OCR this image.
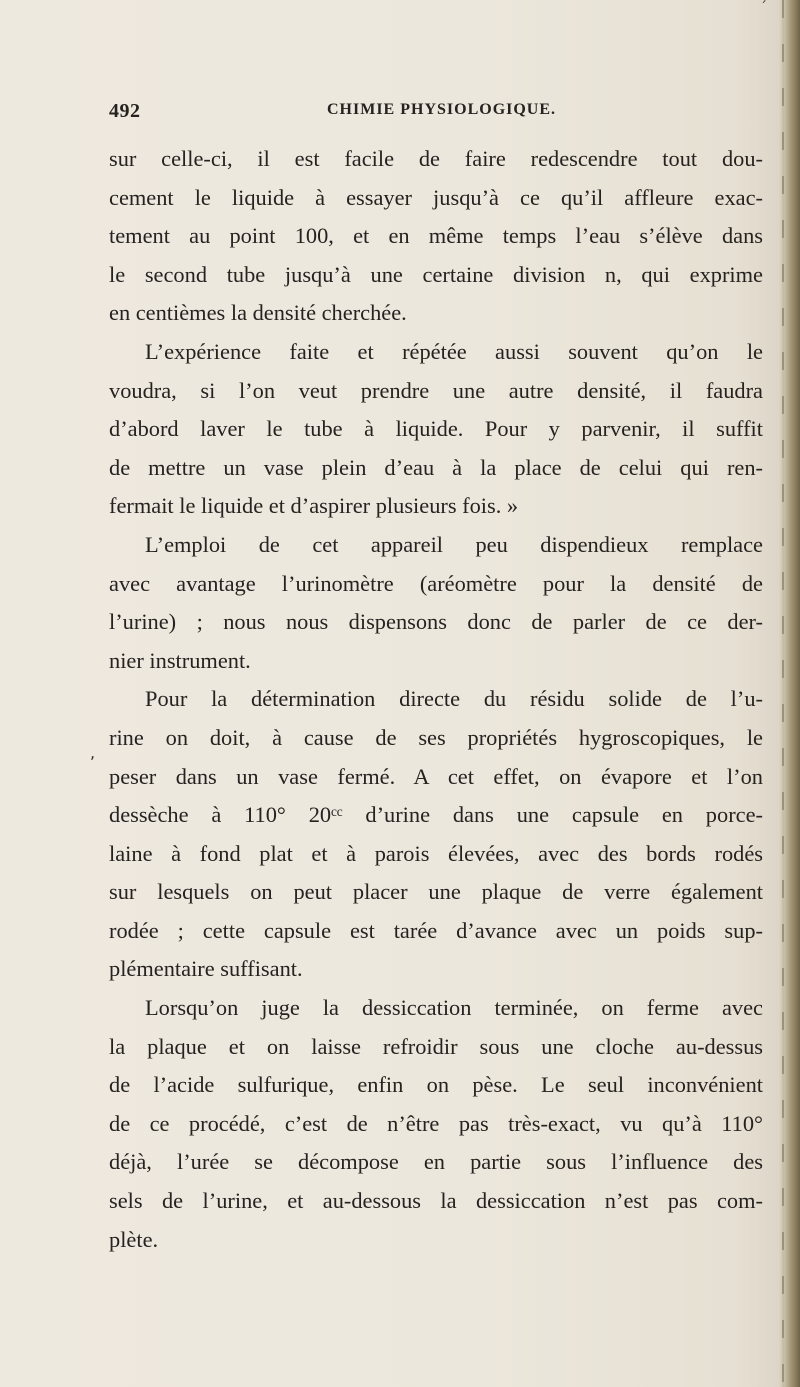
ˊ
492	CHIMIE PHYSIOLOGIQUE.
,

sur celle-ci, il est facile de faire redescendre tout dou-

cement le liquide à essayer jusqu’à ce qu’il affleure exac-

tement au point 100, et en même temps l’eau s’élève dans

le second tube jusqu’à une certaine division n, qui exprime

en centièmes la densité cherchée.

L’expérience faite et répétée aussi souvent qu’on le

voudra, si l’on veut prendre une autre densité, il faudra

d’abord laver le tube à liquide. Pour y parvenir, il suffit

de mettre un vase plein d’eau à la place de celui qui ren-

fermait le liquide et d’aspirer plusieurs fois. »

L’emploi de cet appareil peu dispendieux remplace

avec avantage l’urinomètre (aréomètre pour la densité de

l’urine) ; nous nous dispensons donc de parler de ce der-

nier instrument.

Pour la détermination directe du résidu solide de l’u-

rine on doit, à cause de ses propriétés hygroscopiques, le

peser dans un vase fermé. A cet effet, on évapore et l’on

dessèche à 110° 20ᶜᶜ d’urine dans une capsule en porce-

laine à fond plat et à parois élevées, avec des bords rodés

sur lesquels on peut placer une plaque de verre également

rodée ; cette capsule est tarée d’avance avec un poids sup-

plémentaire suffisant.

Lorsqu’on juge la dessiccation terminée, on ferme avec

la plaque et on laisse refroidir sous une cloche au-dessus

de l’acide sulfurique, enfin on pèse. Le seul inconvénient

de ce procédé, c’est de n’être pas très-exact, vu qu’à 110°

déjà, l’urée se décompose en partie sous l’influence des

sels de l’urine, et au-dessous la dessiccation n’est pas com-

plète.
